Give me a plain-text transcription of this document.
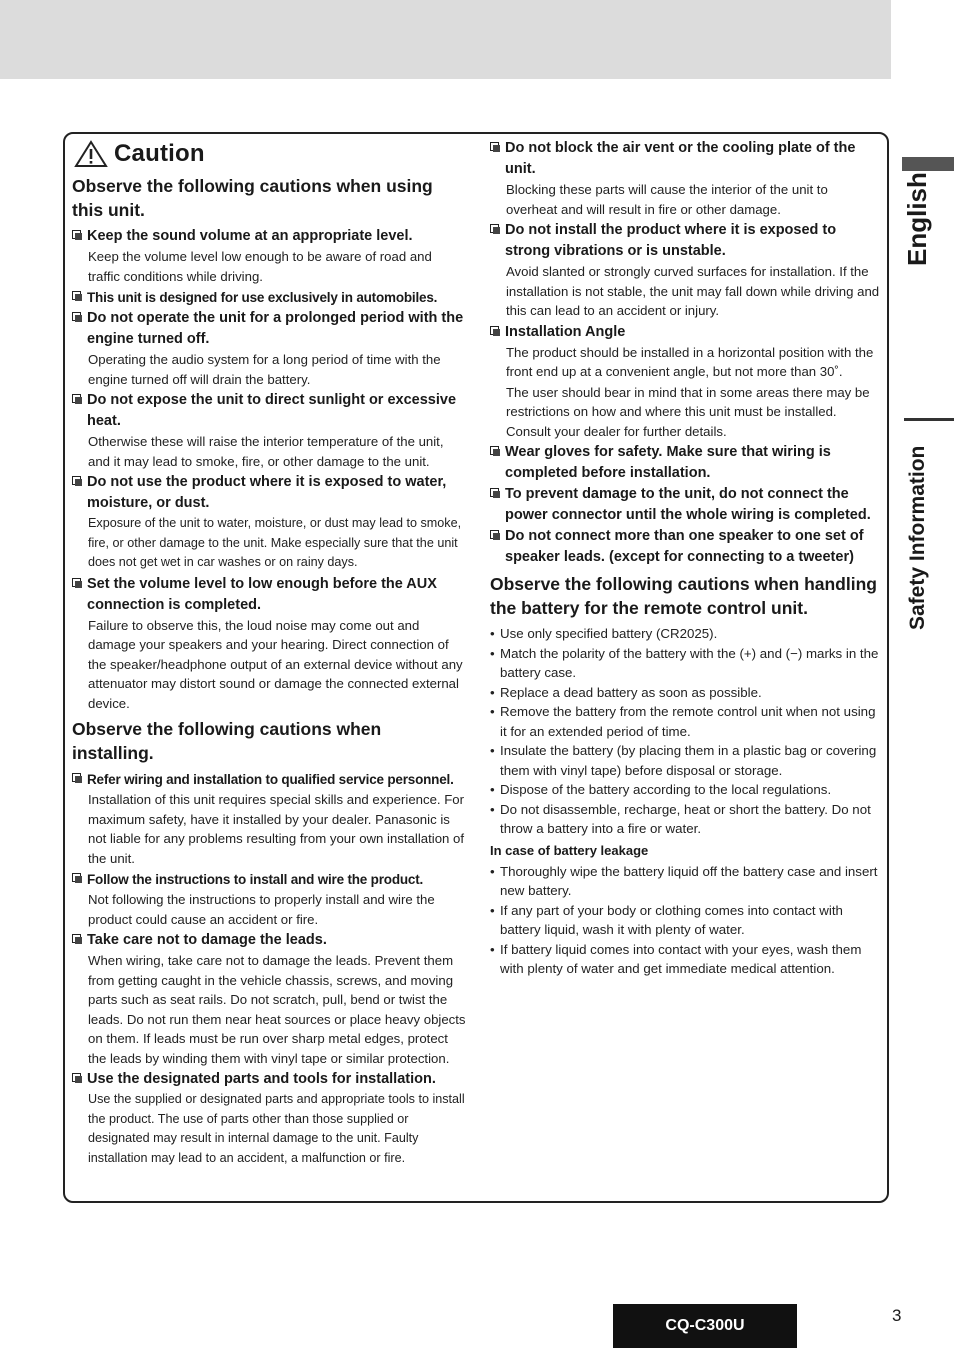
Caution
Observe the following cautions when using this unit.
Keep the sound volume at an appropriate level.
Keep the volume level low enough to be aware of road and traffic conditions while driving.
This unit is designed for use exclusively in automobiles.
Do not operate the unit for a prolonged period with the engine turned off.
Operating the audio system for a long period of time with the engine turned off will drain the battery.
Do not expose the unit to direct sunlight or excessive heat.
Otherwise these will raise the interior temperature of the unit, and it may lead to smoke, fire, or other damage to the unit.
Do not use the product where it is exposed to water, moisture, or dust.
Exposure of the unit to water, moisture, or dust may lead to smoke, fire, or other damage to the unit. Make especially sure that the unit does not get wet in car washes or on rainy days.
Set the volume level to low enough before the AUX connection is completed.
Failure to observe this, the loud noise may come out and damage your speakers and your hearing. Direct connection of the speaker/headphone output of an external device without any attenuator may distort sound or damage the connected external device.
Observe the following cautions when installing.
Refer wiring and installation to qualified service personnel.
Installation of this unit requires special skills and experience. For maximum safety, have it installed by your dealer. Panasonic is not liable for any problems resulting from your own installation of the unit.
Follow the instructions to install and wire the product.
Not following the instructions to properly install and wire the product could cause an accident or fire.
Take care not to damage the leads.
When wiring, take care not to damage the leads. Prevent them from getting caught in the vehicle chassis, screws, and moving parts such as seat rails. Do not scratch, pull, bend or twist the leads. Do not run them near heat sources or place heavy objects on them. If leads must be run over sharp metal edges, protect the leads by winding them with vinyl tape or similar protection.
Use the designated parts and tools for installation.
Use the supplied or designated parts and appropriate tools to install the product. The use of parts other than those supplied or designated may result in internal damage to the unit. Faulty installation may lead to an accident, a malfunction or fire.
Do not block the air vent or the cooling plate of the unit.
Blocking these parts will cause the interior of the unit to overheat and will result in fire or other damage.
Do not install the product where it is exposed to strong vibrations or is unstable.
Avoid slanted or strongly curved surfaces for installation. If the installation is not stable, the unit may fall down while driving and this can lead to an accident or injury.
Installation Angle
The product should be installed in a horizontal position with the front end up at a convenient angle, but not more than 30˚.
The user should bear in mind that in some areas there may be restrictions on how and where this unit must be installed. Consult your dealer for further details.
Wear gloves for safety. Make sure that wiring is completed before installation.
To prevent damage to the unit, do not connect the power connector until the whole wiring is completed.
Do not connect more than one speaker to one set of speaker leads. (except for connecting to a tweeter)
Observe the following cautions when handling the battery for the remote control unit.
• Use only specified battery (CR2025).
• Match the polarity of the battery with the (+) and (−) marks in the battery case.
• Replace a dead battery as soon as possible.
• Remove the battery from the remote control unit when not using it for an extended period of time.
• Insulate the battery (by placing them in a plastic bag or covering them with vinyl tape) before disposal or storage.
• Dispose of the battery according to the local regulations.
• Do not disassemble, recharge, heat or short the battery. Do not throw a battery into a fire or water.
In case of battery leakage
• Thoroughly wipe the battery liquid off the battery case and insert new battery.
• If any part of your body or clothing comes into contact with battery liquid, wash it with plenty of water.
• If battery liquid comes into contact with your eyes, wash them with plenty of water and get immediate medical attention.
English
Safety Information
CQ-C300U
3
